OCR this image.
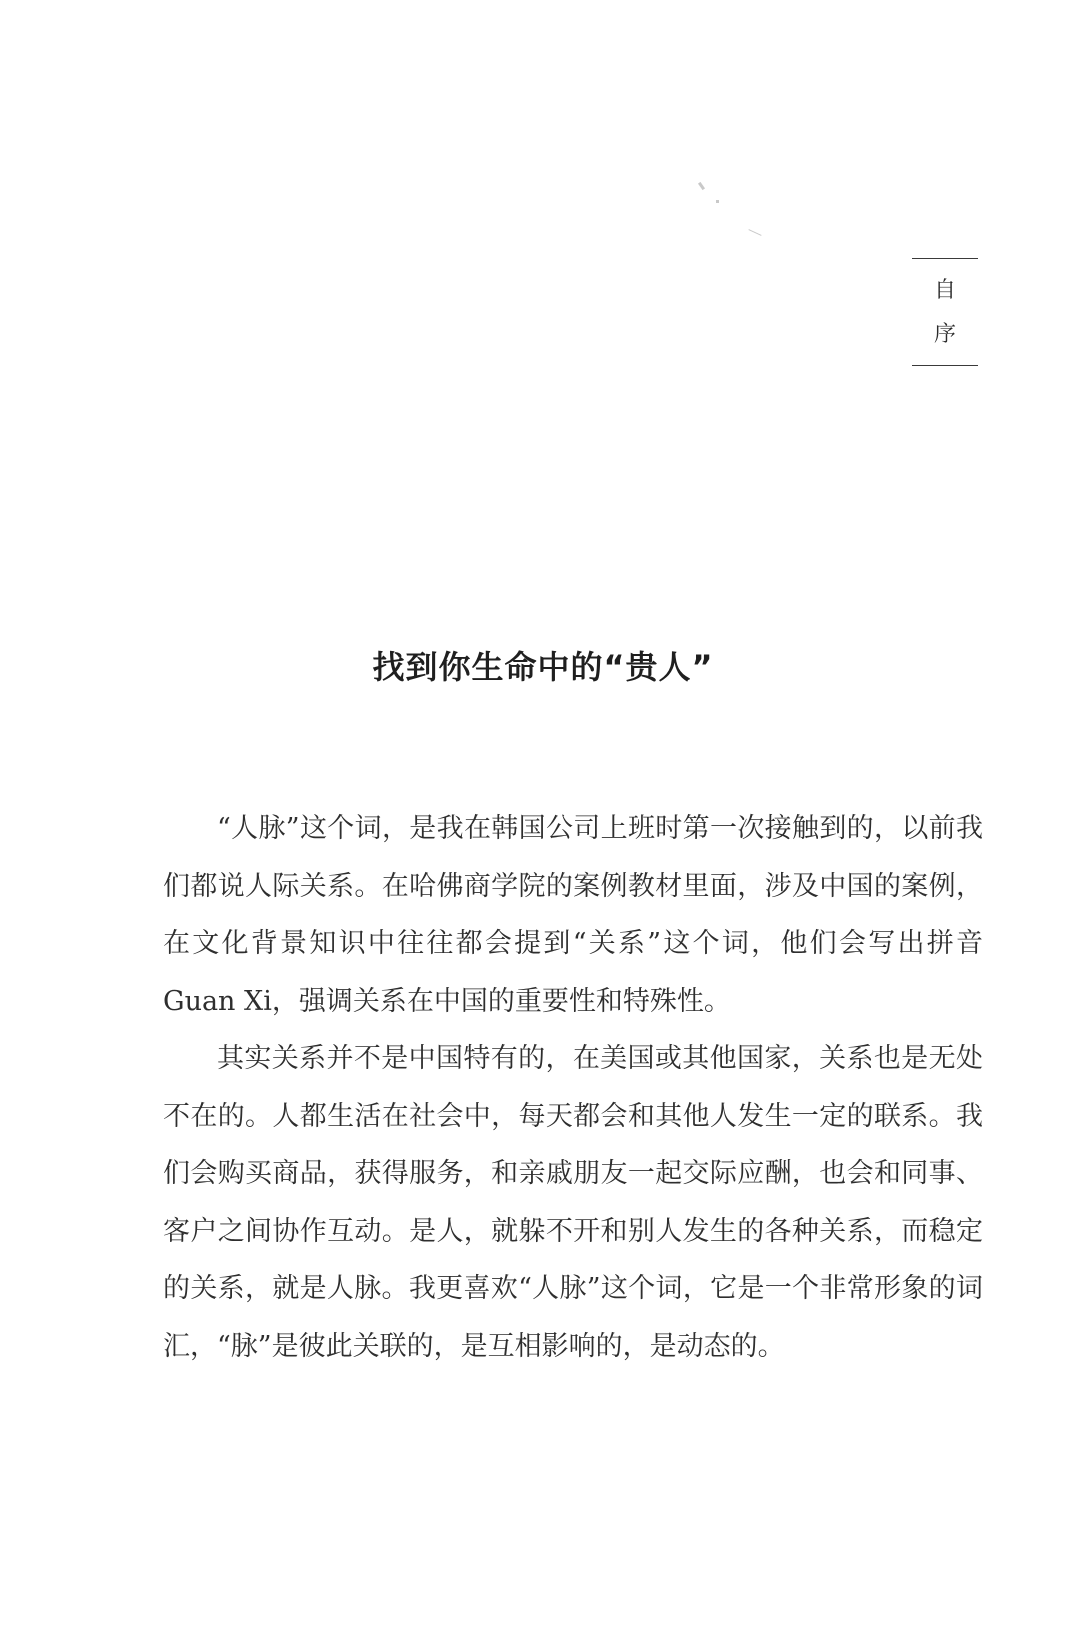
自
序
找到你生命中的“贵人”

“人脉”这个词，是我在韩国公司上班时第一次接触到的，以前我们都说人际关系。在哈佛商学院的案例教材里面，涉及中国的案例，在文化背景知识中往往都会提到“关系”这个词，他们会写出拼音 Guan Xi，强调关系在中国的重要性和特殊性。

其实关系并不是中国特有的，在美国或其他国家，关系也是无处不在的。人都生活在社会中，每天都会和其他人发生一定的联系。我们会购买商品，获得服务，和亲戚朋友一起交际应酬，也会和同事、客户之间协作互动。是人，就躲不开和别人发生的各种关系，而稳定的关系，就是人脉。我更喜欢“人脉”这个词，它是一个非常形象的词汇，“脉”是彼此关联的，是互相影响的，是动态的。
